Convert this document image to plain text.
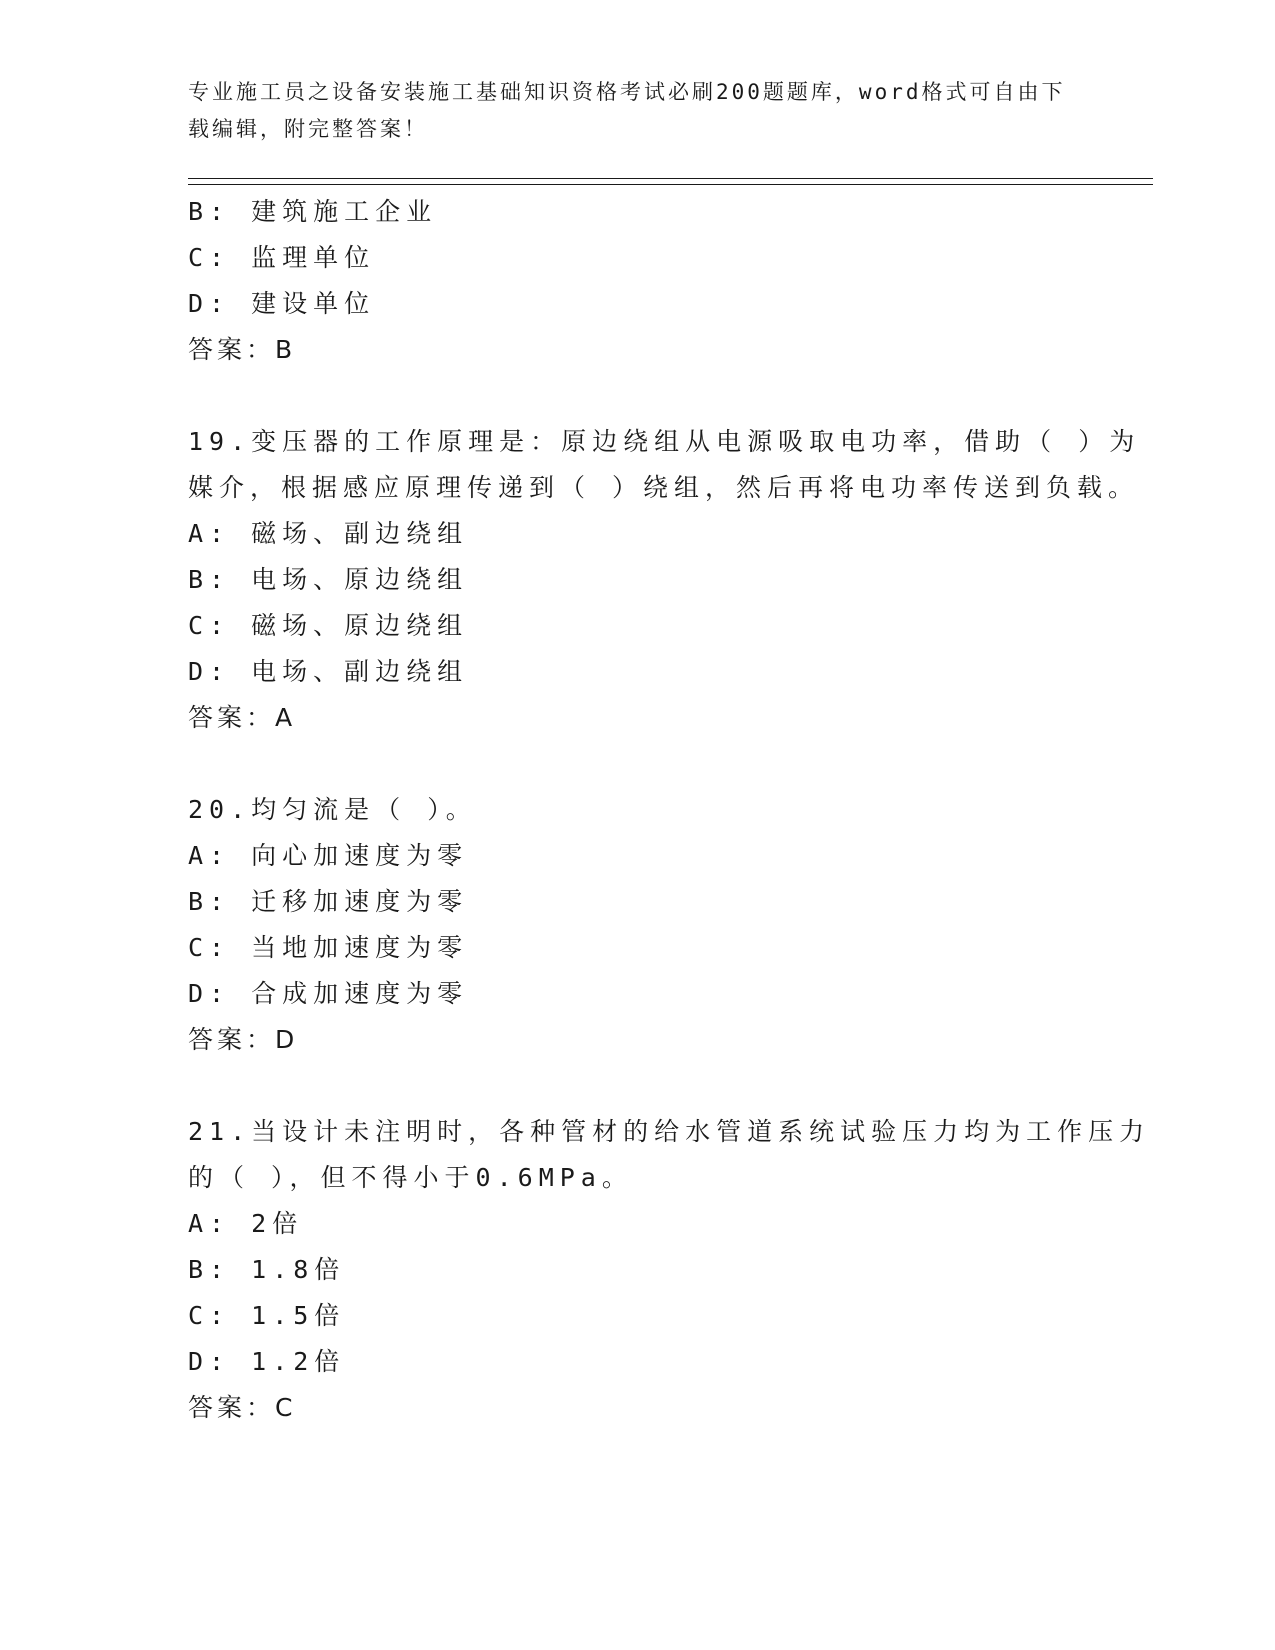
专业施工员之设备安装施工基础知识资格考试必刷200题题库，word格式可自由下载编辑，附完整答案！
B: 建筑施工企业
C: 监理单位
D: 建设单位
答案：B
19.变压器的工作原理是：原边绕组从电源吸取电功率，借助（ ）为
媒介，根据感应原理传递到（ ）绕组，然后再将电功率传送到负载。
A: 磁场、副边绕组
B: 电场、原边绕组
C: 磁场、原边绕组
D: 电场、副边绕组
答案：A
20.均匀流是（ ）。
A: 向心加速度为零
B: 迁移加速度为零
C: 当地加速度为零
D: 合成加速度为零
答案：D
21.当设计未注明时，各种管材的给水管道系统试验压力均为工作压力
的（ ），但不得小于0.6MPa。
A: 2倍
B: 1.8倍
C: 1.5倍
D: 1.2倍
答案：C
